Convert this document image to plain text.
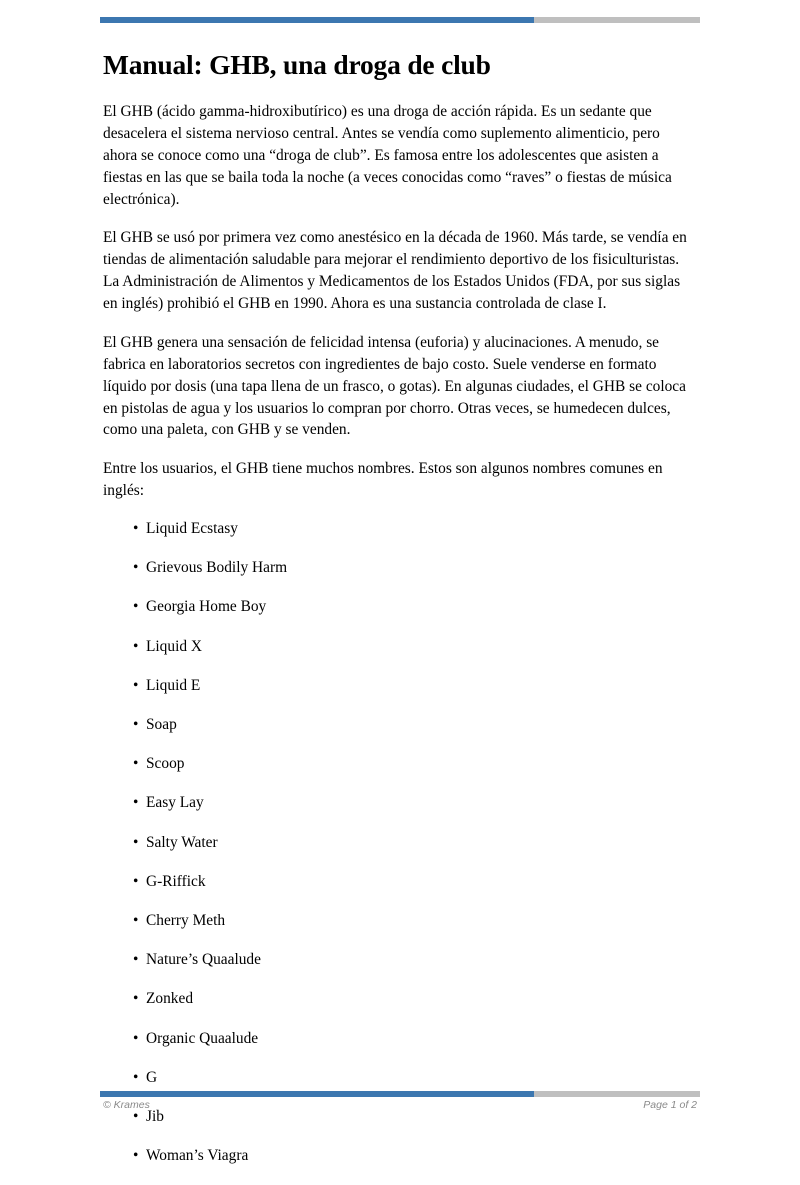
Manual: GHB, una droga de club

El GHB (ácido gamma-hidroxibutírico) es una droga de acción rápida. Es un sedante que desacelera el sistema nervioso central. Antes se vendía como suplemento alimenticio, pero ahora se conoce como una “droga de club”. Es famosa entre los adolescentes que asisten a fiestas en las que se baila toda la noche (a veces conocidas como “raves” o fiestas de música electrónica).

El GHB se usó por primera vez como anestésico en la década de 1960. Más tarde, se vendía en tiendas de alimentación saludable para mejorar el rendimiento deportivo de los fisiculturistas. La Administración de Alimentos y Medicamentos de los Estados Unidos (FDA, por sus siglas en inglés) prohibió el GHB en 1990. Ahora es una sustancia controlada de clase I.

El GHB genera una sensación de felicidad intensa (euforia) y alucinaciones. A menudo, se fabrica en laboratorios secretos con ingredientes de bajo costo. Suele venderse en formato líquido por dosis (una tapa llena de un frasco, o gotas). En algunas ciudades, el GHB se coloca en pistolas de agua y los usuarios lo compran por chorro. Otras veces, se humedecen dulces, como una paleta, con GHB y se venden.

Entre los usuarios, el GHB tiene muchos nombres. Estos son algunos nombres comunes en inglés:

• Liquid Ecstasy
• Grievous Bodily Harm
• Georgia Home Boy
• Liquid X
• Liquid E
• Soap
• Scoop
• Easy Lay
• Salty Water
• G-Riffick
• Cherry Meth
• Nature’s Quaalude
• Zonked
• Organic Quaalude
• G
• Jib
• Woman’s Viagra
© Krames	Page 1 of 2
